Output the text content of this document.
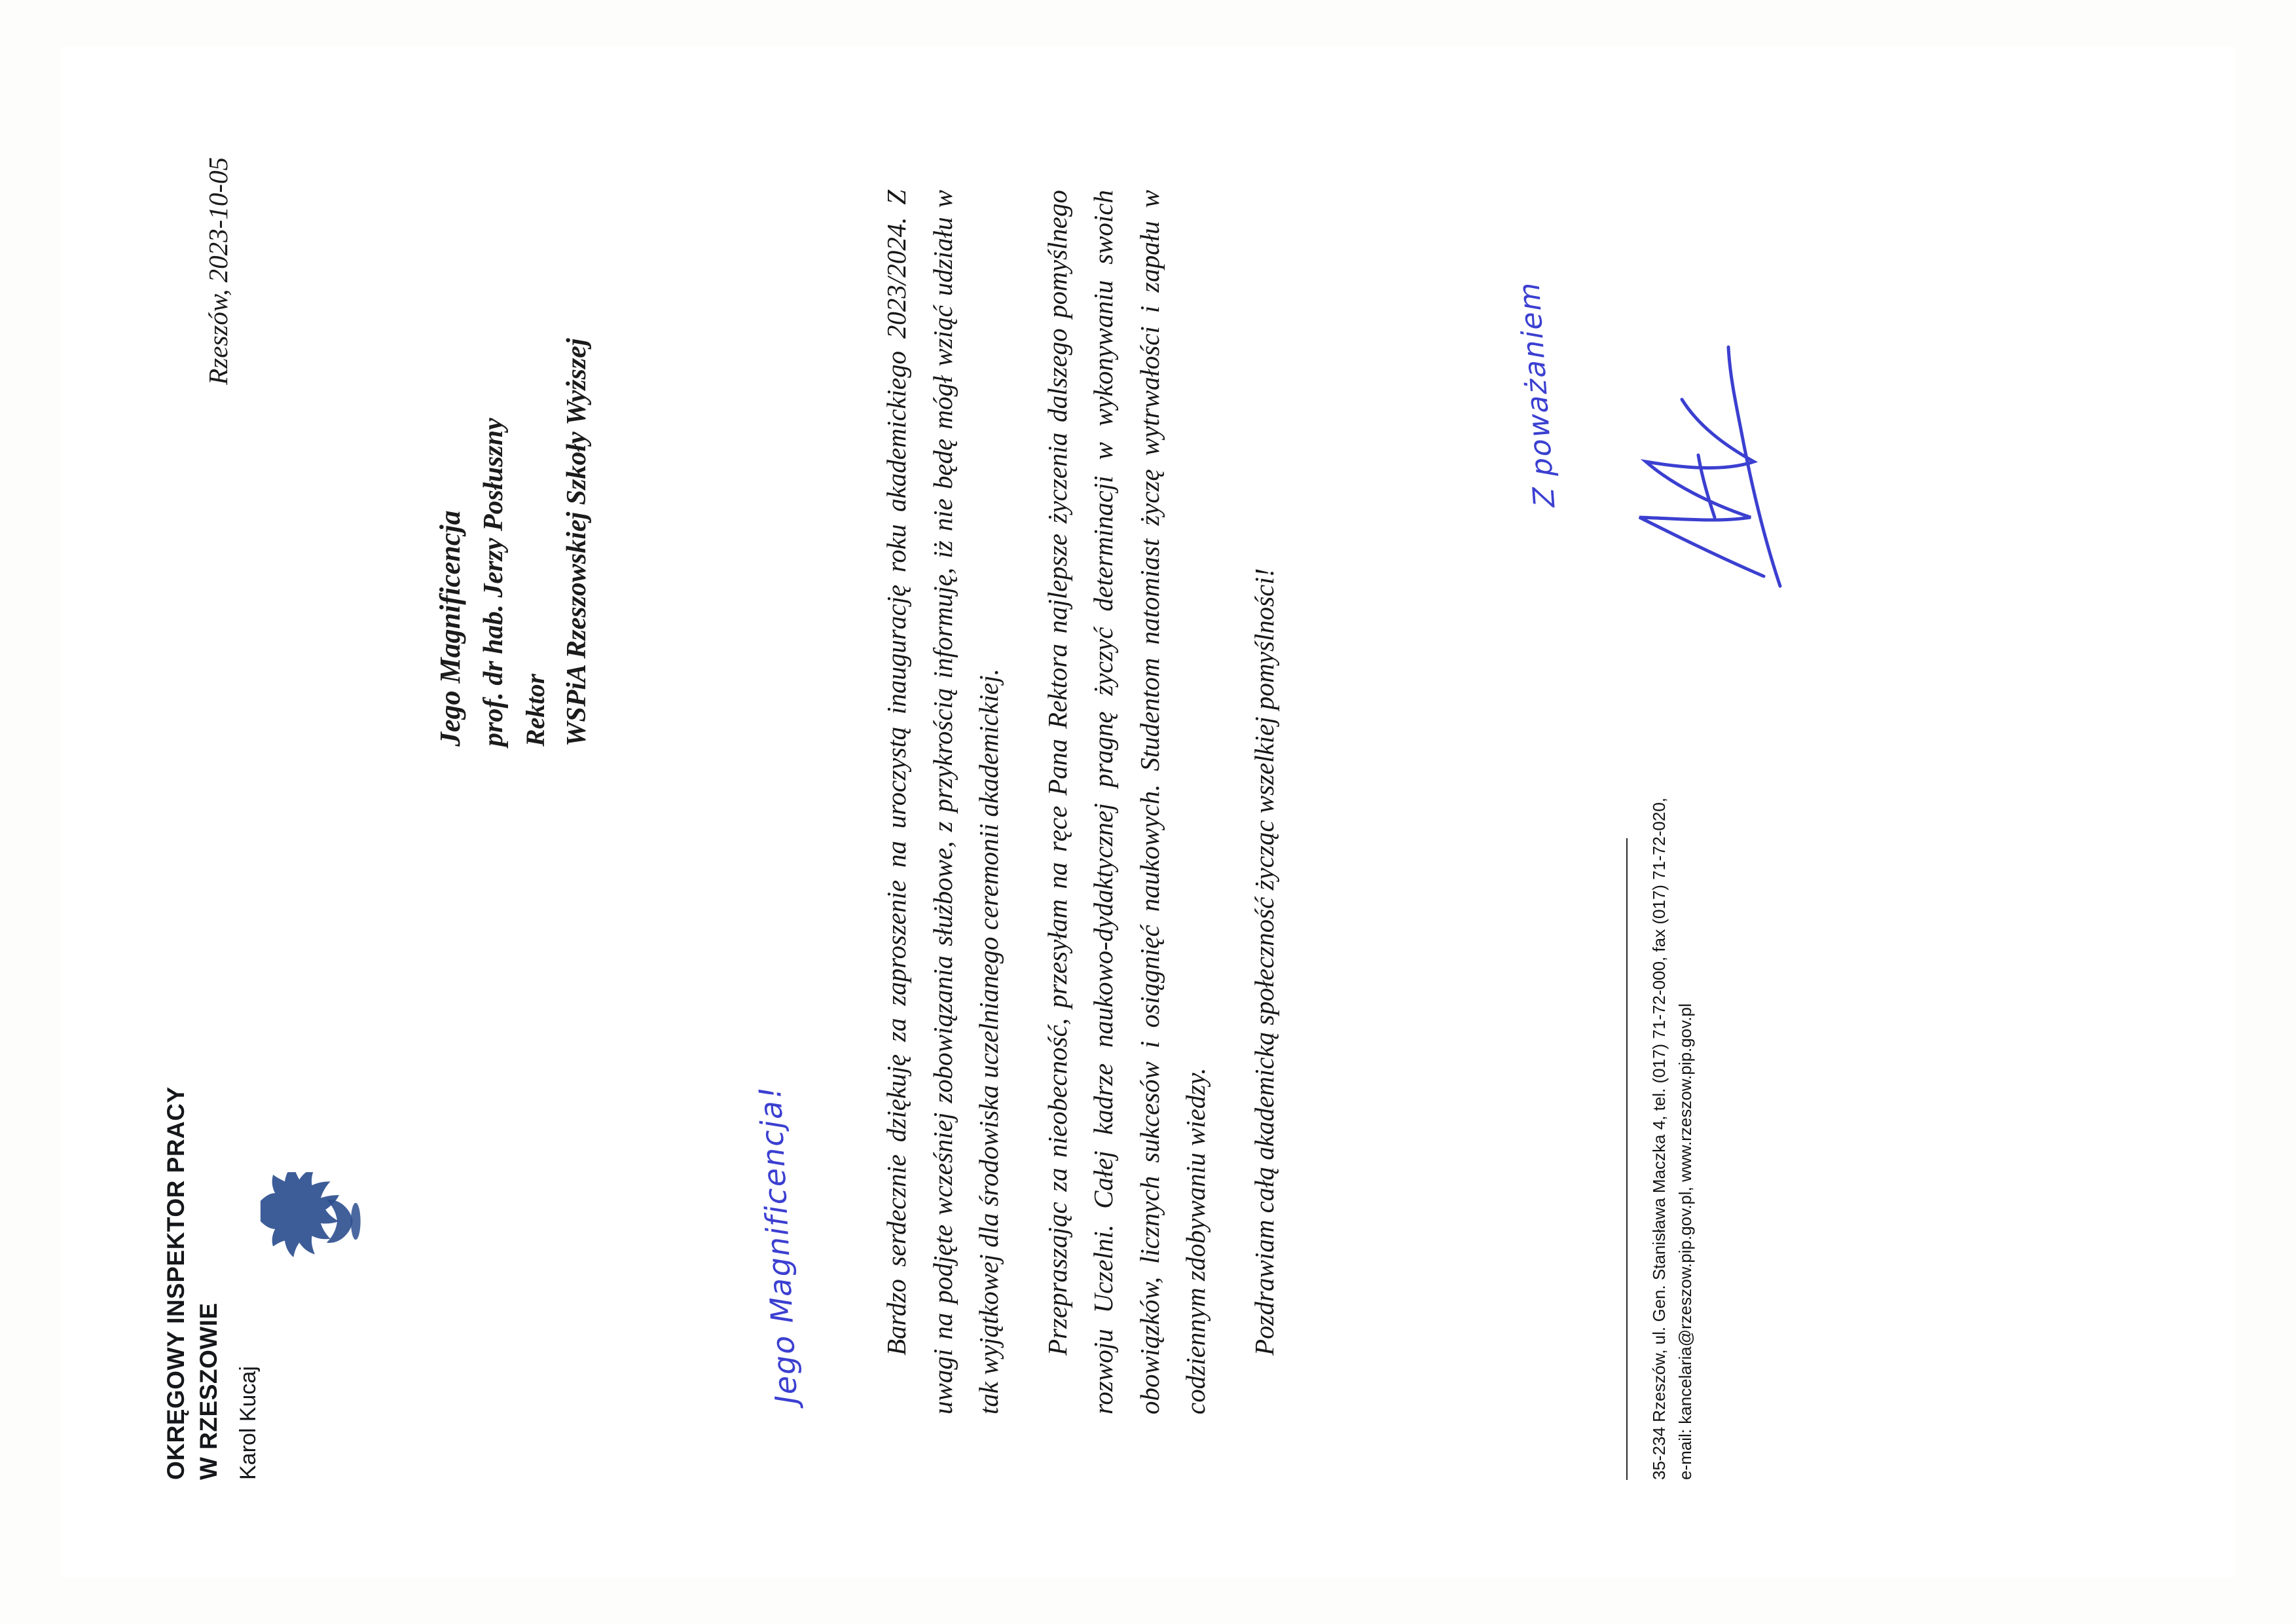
OKRĘGOWY INSPEKTOR PRACY W RZESZOWIE Karol Kucaj
Rzeszów, 2023-10-05
Jego Magnificencja prof. dr hab. Jerzy Posłuszny Rektor WSPiA Rzeszowskiej Szkoły Wyższej
Jego Magnificencja!	Bardzo serdecznie dziękuję za zaproszenie na uroczystą inaugurację roku akademickiego 2023/2024. Z uwagi na podjęte wcześniej zobowiązania służbowe, z przykrością informuję, iż nie będę mógł wziąć udziału w tak wyjątkowej dla środowiska uczelnianego ceremonii akademickiej.	Przepraszając za nieobecność, przesyłam na ręce Pana Rektora najlepsze życzenia dalszego pomyślnego rozwoju Uczelni. Całej kadrze naukowo-dydaktycznej pragnę życzyć determinacji w wykonywaniu swoich obowiązków, licznych sukcesów i osiągnięć naukowych. Studentom natomiast życzę wytrwałości i zapału w codziennym zdobywaniu wiedzy.	Pozdrawiam całą akademicką społeczność życząc wszelkiej pomyślności!

Z poważaniem
35-234 Rzeszów, ul. Gen. Stanisława Maczka 4, tel. (017) 71-72-000, fax (017) 71-72-020, e-mail: kancelaria@rzeszow.pip.gov.pl, www.rzeszow.pip.gov.pl
